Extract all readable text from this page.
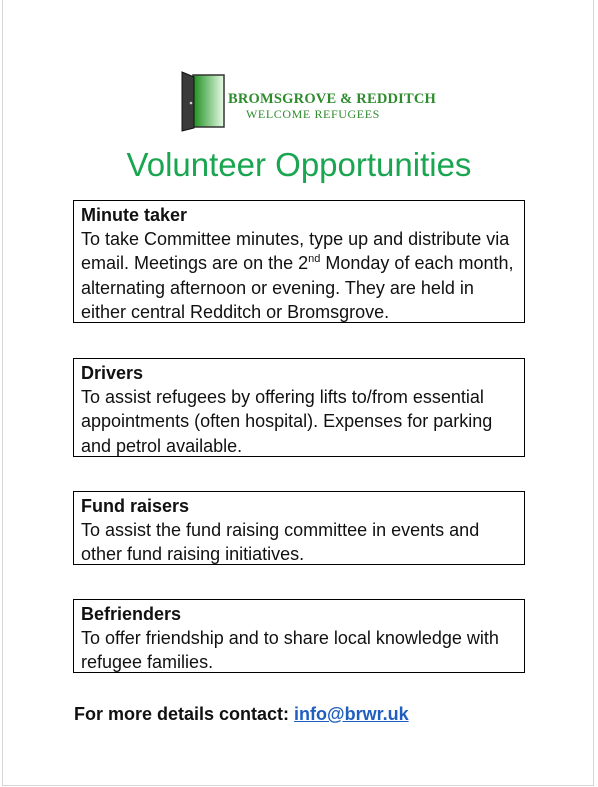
BROMSGROVE & REDDITCH
WELCOME REFUGEES
Volunteer Opportunities
Minute taker

To take Committee minutes, type up and distribute via email. Meetings are on the 2nd Monday of each month, alternating afternoon or evening. They are held in either central Redditch or Bromsgrove.

Drivers

To assist refugees by offering lifts to/from essential appointments (often hospital). Expenses for parking and petrol available.

Fund raisers

To assist the fund raising committee in events and other fund raising initiatives.

Befrienders

To offer friendship and to share local knowledge with refugee families.

For more details contact: info@brwr.uk
